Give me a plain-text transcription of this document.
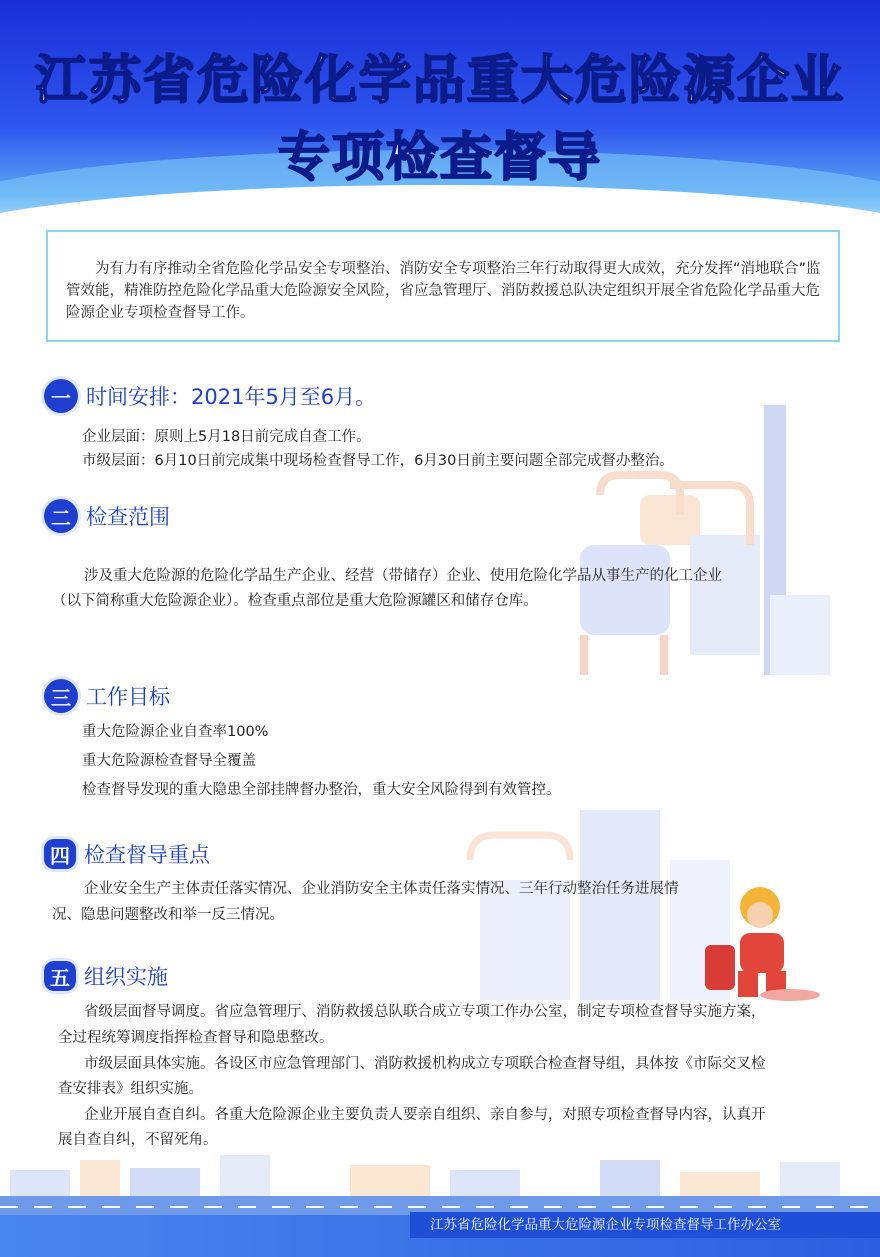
江苏省危险化学品重大危险源企业
专项检查督导
为有力有序推动全省危险化学品安全专项整治、消防安全专项整治三年行动取得更大成效，充分发挥“消地联合”监管效能，精准防控危险化学品重大危险源安全风险，省应急管理厅、消防救援总队决定组织开展全省危险化学品重大危险源企业专项检查督导工作。
一 时间安排：2021年5月至6月。
企业层面：原则上5月18日前完成自查工作。
市级层面：6月10日前完成集中现场检查督导工作，6月30日前主要问题全部完成督办整治。
二 检查范围
涉及重大危险源的危险化学品生产企业、经营（带储存）企业、使用危险化学品从事生产的化工企业
（以下简称重大危险源企业）。检查重点部位是重大危险源罐区和储存仓库。
三 工作目标
重大危险源企业自查率100%
重大危险源检查督导全覆盖
检查督导发现的重大隐患全部挂牌督办整治，重大安全风险得到有效管控。
四 检查督导重点
企业安全生产主体责任落实情况、企业消防安全主体责任落实情况、三年行动整治任务进展情
况、隐患问题整改和举一反三情况。
五 组织实施
省级层面督导调度。省应急管理厅、消防救援总队联合成立专项工作办公室，制定专项检查督导实施方案，
全过程统筹调度指挥检查督导和隐患整改。
市级层面具体实施。各设区市应急管理部门、消防救援机构成立专项联合检查督导组，具体按《市际交叉检
查安排表》组织实施。
企业开展自查自纠。各重大危险源企业主要负责人要亲自组织、亲自参与，对照专项检查督导内容，认真开
展自查自纠，不留死角。
江苏省危险化学品重大危险源企业专项检查督导工作办公室
